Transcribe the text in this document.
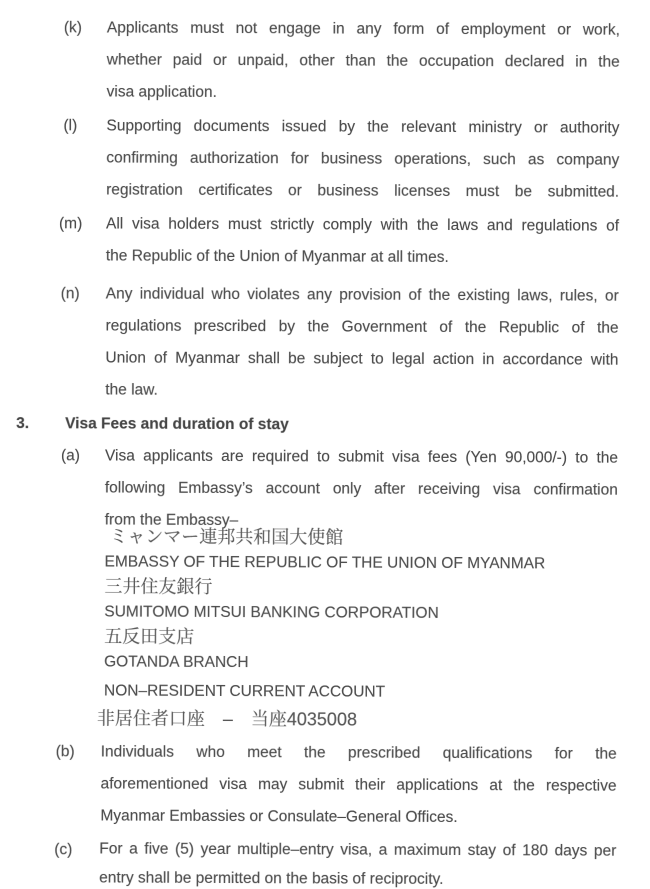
(k)	Applicants must not engage in any form of employment or work,
whether paid or unpaid, other than the occupation declared in the
visa application.
(l)	Supporting documents issued by the relevant ministry or authority
confirming authorization for business operations, such as company
registration certificates or business licenses must be submitted.
(m)	All visa holders must strictly comply with the laws and regulations of
the Republic of the Union of Myanmar at all times.
(n)	Any individual who violates any provision of the existing laws, rules, or
regulations prescribed by the Government of the Republic of the
Union of Myanmar shall be subject to legal action in accordance with
the law.
3.	Visa Fees and duration of stay
(a)	Visa applicants are required to submit visa fees (Yen 90,000/-) to the
following Embassy’s account only after receiving visa confirmation
from the Embassy–
ミャンマー連邦共和国大使館
EMBASSY OF THE REPUBLIC OF THE UNION OF MYANMAR
三井住友銀行
SUMITOMO MITSUI BANKING CORPORATION
五反田支店
GOTANDA BRANCH
NON–RESIDENT CURRENT ACCOUNT
非居住者口座　–　当座4035008
(b)	Individuals who meet the prescribed qualifications for the
aforementioned visa may submit their applications at the respective
Myanmar Embassies or Consulate–General Offices.
(c)	For a five (5) year multiple–entry visa, a maximum stay of 180 days per
entry shall be permitted on the basis of reciprocity.
